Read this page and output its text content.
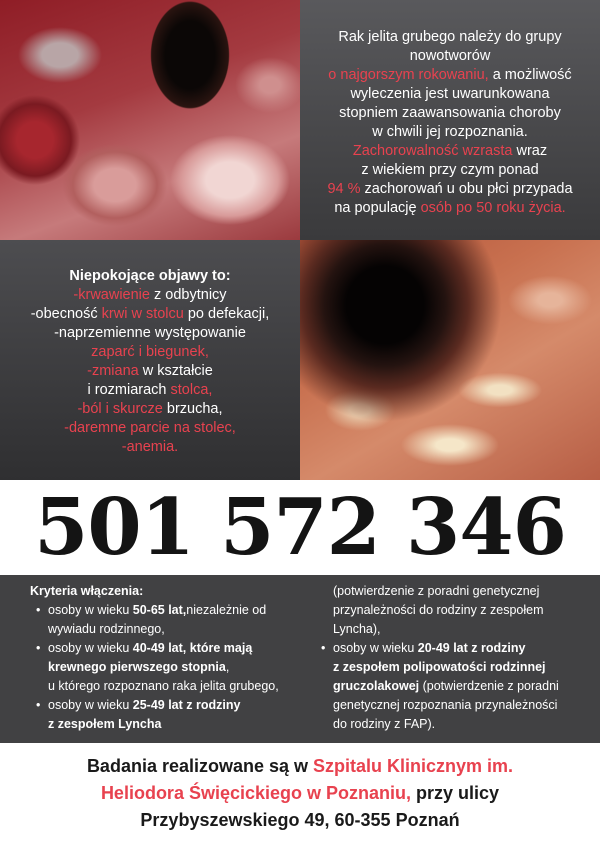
Rak jelita grubego należy do grupy
nowotworów
o najgorszym rokowaniu, a możliwość
wyleczenia jest uwarunkowana
stopniem zaawansowania choroby
w chwili jej rozpoznania.
Zachorowalność wzrasta wraz
z wiekiem przy czym ponad
94 % zachorowań u obu płci przypada
na populację osób po 50 roku życia.
Niepokojące objawy to:
-krwawienie z odbytnicy
-obecność krwi w stolcu po defekacji,
-naprzemienne występowanie
zaparć i biegunek,
-zmiana w kształcie
i rozmiarach stolca,
-ból i skurcze brzucha,
-daremne parcie na stolec,
-anemia.
501 572 346
Kryteria włączenia:
• osoby w wieku 50-65 lat,niezależnie od
wywiadu rodzinnego,
• osoby w wieku 40-49 lat, które mają
krewnego pierwszego stopnia,
u którego rozpoznano raka jelita grubego,
• osoby w wieku 25-49 lat z rodziny
z zespołem Lyncha
(potwierdzenie z poradni genetycznej
przynależności do rodziny z zespołem
Lyncha),
• osoby w wieku 20-49 lat z rodziny
z zespołem polipowatości rodzinnej
gruczolakowej (potwierdzenie z poradni
genetycznej rozpoznania przynależności
do rodziny z FAP).
Badania realizowane są w Szpitalu Klinicznym im.
Heliodora Święcickiego w Poznaniu, przy ulicy
Przybyszewskiego 49, 60-355 Poznań
